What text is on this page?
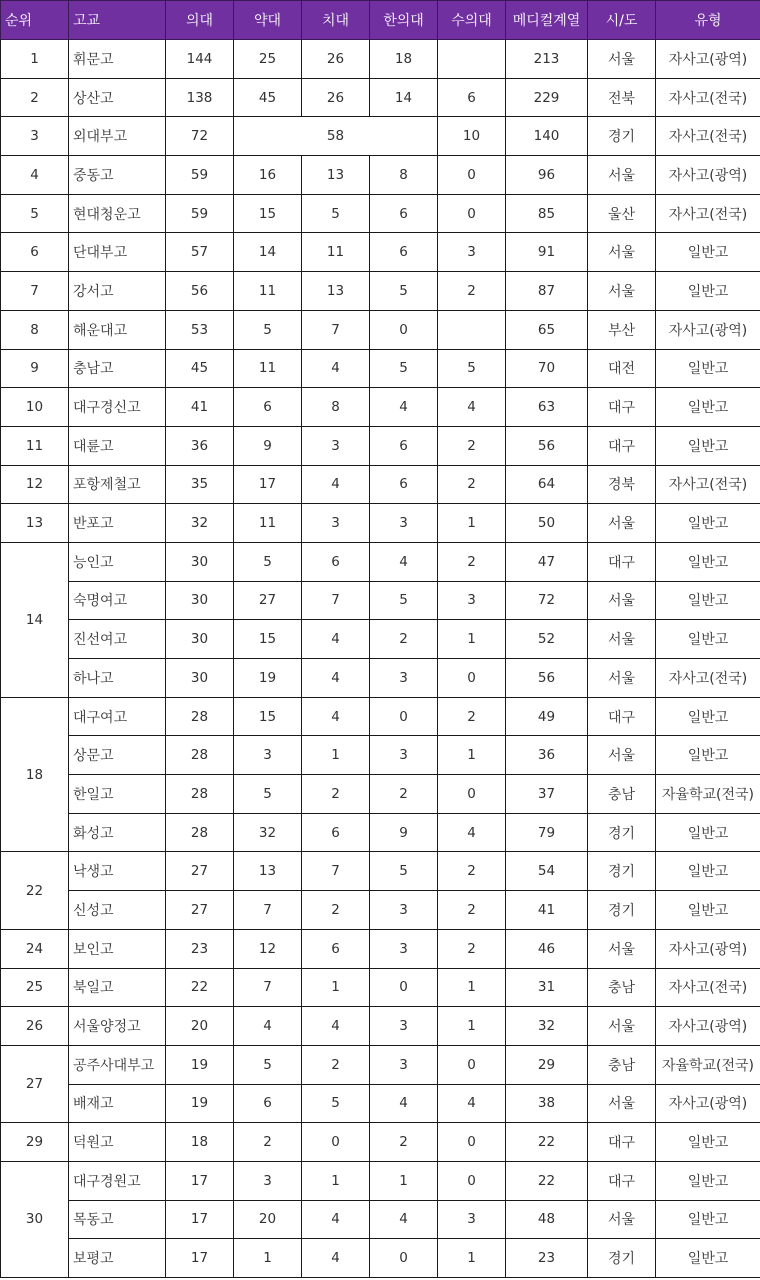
순위	고교	의대	약대	치대	한의대	수의대	메디컬계열	시/도	유형
1	휘문고	144	25	26	18		213	서울	자사고(광역)
2	상산고	138	45	26	14	6	229	전북	자사고(전국)
3	외대부고	72	58			10	140	경기	자사고(전국)
4	중동고	59	16	13	8	0	96	서울	자사고(광역)
5	현대청운고	59	15	5	6	0	85	울산	자사고(전국)
6	단대부고	57	14	11	6	3	91	서울	일반고
7	강서고	56	11	13	5	2	87	서울	일반고
8	해운대고	53	5	7	0		65	부산	자사고(광역)
9	충남고	45	11	4	5	5	70	대전	일반고
10	대구경신고	41	6	8	4	4	63	대구	일반고
11	대륜고	36	9	3	6	2	56	대구	일반고
12	포항제철고	35	17	4	6	2	64	경북	자사고(전국)
13	반포고	32	11	3	3	1	50	서울	일반고
14	능인고	30	5	6	4	2	47	대구	일반고
	숙명여고	30	27	7	5	3	72	서울	일반고
	진선여고	30	15	4	2	1	52	서울	일반고
	하나고	30	19	4	3	0	56	서울	자사고(전국)
18	대구여고	28	15	4	0	2	49	대구	일반고
	상문고	28	3	1	3	1	36	서울	일반고
	한일고	28	5	2	2	0	37	충남	자율학교(전국)
	화성고	28	32	6	9	4	79	경기	일반고
22	낙생고	27	13	7	5	2	54	경기	일반고
	신성고	27	7	2	3	2	41	경기	일반고
24	보인고	23	12	6	3	2	46	서울	자사고(광역)
25	북일고	22	7	1	0	1	31	충남	자사고(전국)
26	서울양정고	20	4	4	3	1	32	서울	자사고(광역)
27	공주사대부고	19	5	2	3	0	29	충남	자율학교(전국)
	배재고	19	6	5	4	4	38	서울	자사고(광역)
29	덕원고	18	2	0	2	0	22	대구	일반고
30	대구경원고	17	3	1	1	0	22	대구	일반고
	목동고	17	20	4	4	3	48	서울	일반고
	보평고	17	1	4	0	1	23	경기	일반고
